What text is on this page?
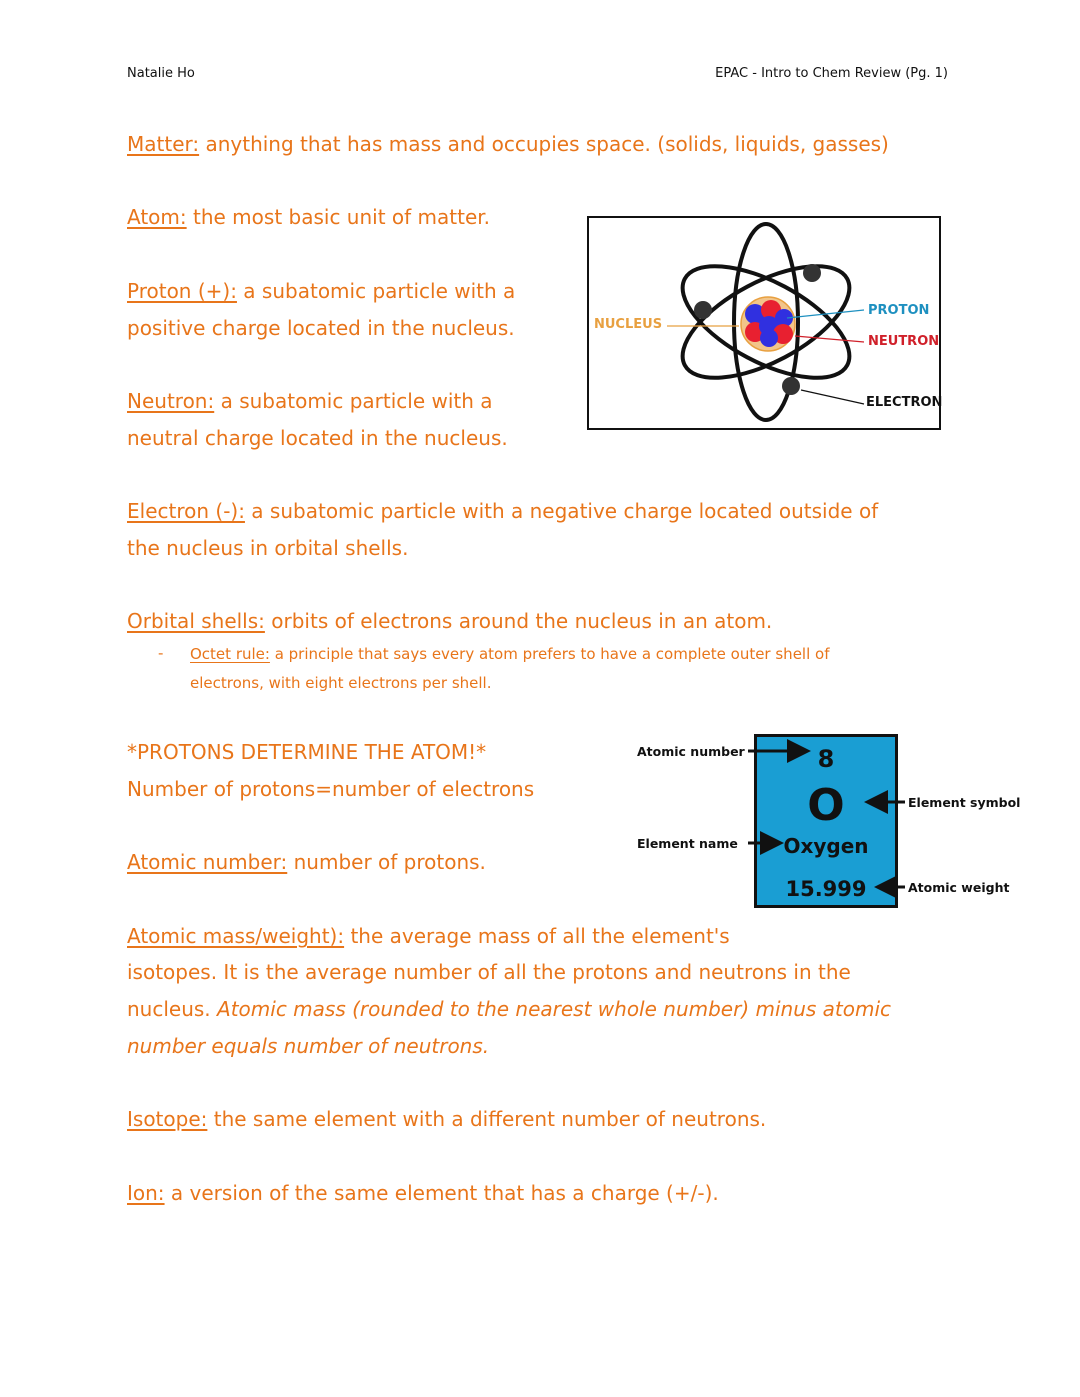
Natalie Ho	EPAC - Intro to Chem Review (Pg. 1)
Matter: anything that has mass and occupies space. (solids, liquids, gasses)
Atom: the most basic unit of matter.
Proton (+): a subatomic particle with a
positive charge located in the nucleus.
Neutron: a subatomic particle with a
neutral charge located in the nucleus.
Electron (-): a subatomic particle with a negative charge located outside of
the nucleus in orbital shells.
Orbital shells: orbits of electrons around the nucleus in an atom.
- Octet rule: a principle that says every atom prefers to have a complete outer shell of
electrons, with eight electrons per shell.
*PROTONS DETERMINE THE ATOM!*
Number of protons=number of electrons
Atomic number: number of protons.
Atomic mass/weight): the average mass of all the element's
isotopes. It is the average number of all the protons and neutrons in the
nucleus. Atomic mass (rounded to the nearest whole number) minus atomic
number equals number of neutrons.
Isotope: the same element with a different number of neutrons.
Ion: a version of the same element that has a charge (+/-).
NUCLEUS
PROTON
NEUTRON
ELECTRON
Atomic number
Element name
Element symbol
Atomic weight
8
O
Oxygen
15.999
